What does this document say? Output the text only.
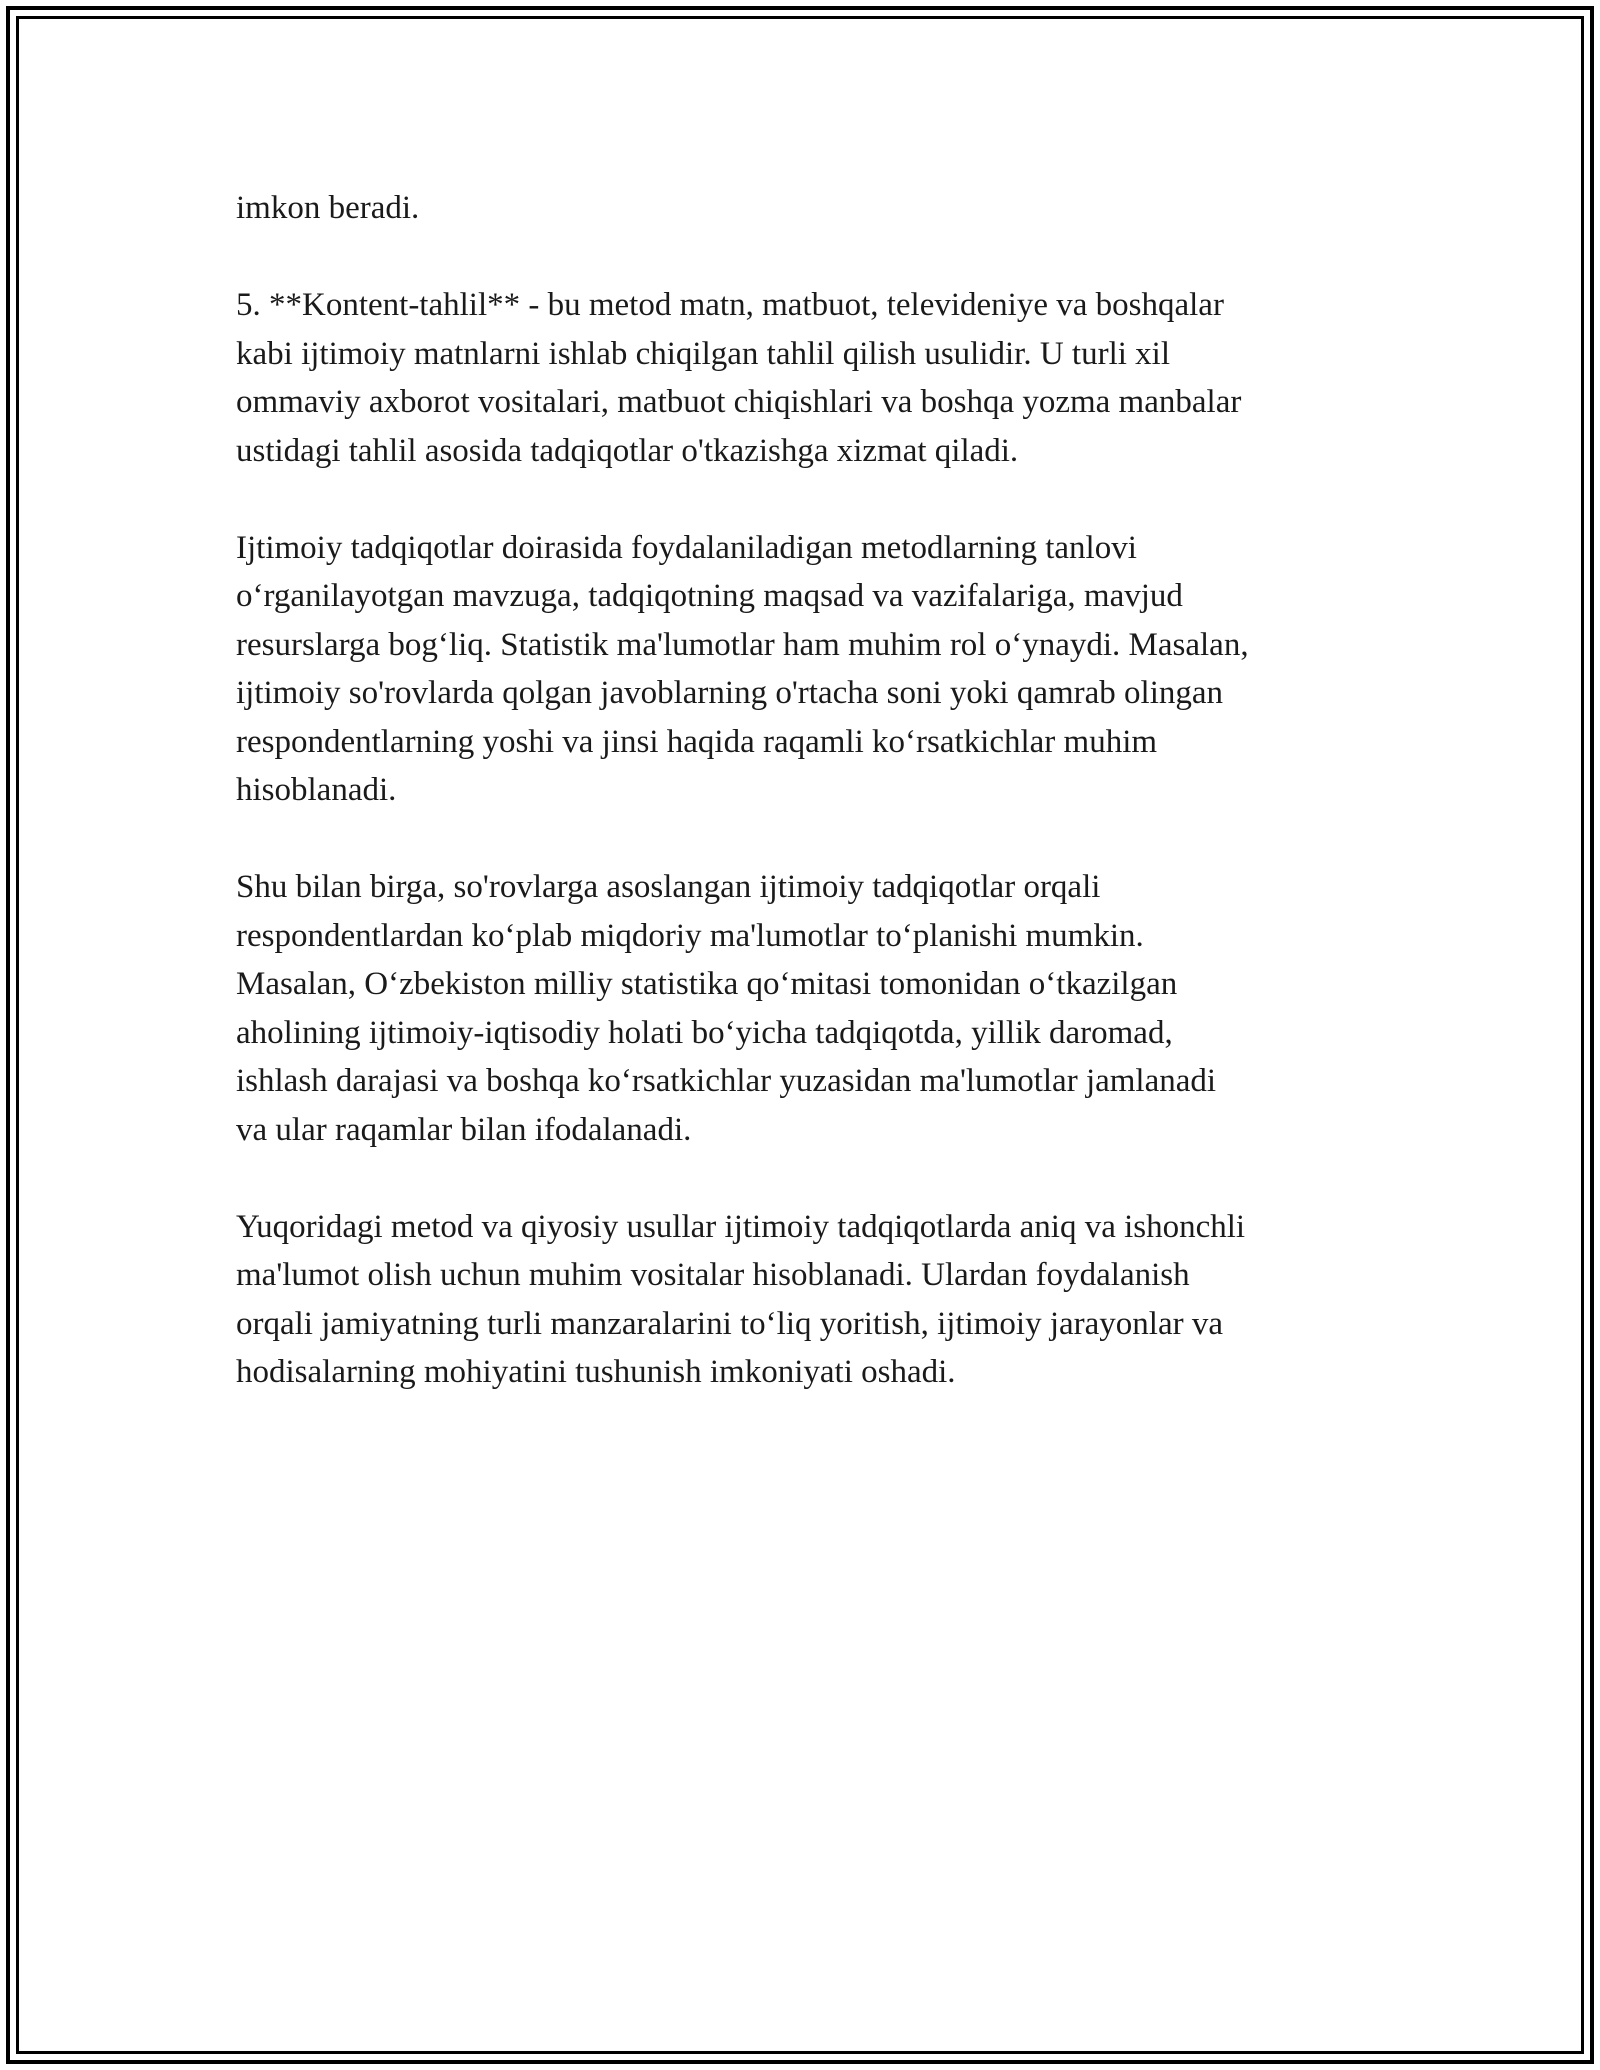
imkon beradi.

5. **Kontent-tahlil** - bu metod matn, matbuot, televideniye va boshqalar
kabi ijtimoiy matnlarni ishlab chiqilgan tahlil qilish usulidir. U turli xil
ommaviy axborot vositalari, matbuot chiqishlari va boshqa yozma manbalar
ustidagi tahlil asosida tadqiqotlar o'tkazishga xizmat qiladi.

Ijtimoiy tadqiqotlar doirasida foydalaniladigan metodlarning tanlovi
oʻrganilayotgan mavzuga, tadqiqotning maqsad va vazifalariga, mavjud
resurslarga bogʻliq. Statistik ma'lumotlar ham muhim rol oʻynaydi. Masalan,
ijtimoiy so'rovlarda qolgan javoblarning o'rtacha soni yoki qamrab olingan
respondentlarning yoshi va jinsi haqida raqamli koʻrsatkichlar muhim
hisoblanadi.

Shu bilan birga, so'rovlarga asoslangan ijtimoiy tadqiqotlar orqali
respondentlardan koʻplab miqdoriy ma'lumotlar toʻplanishi mumkin.
Masalan, Oʻzbekiston milliy statistika qoʻmitasi tomonidan oʻtkazilgan
aholining ijtimoiy-iqtisodiy holati boʻyicha tadqiqotda, yillik daromad,
ishlash darajasi va boshqa koʻrsatkichlar yuzasidan ma'lumotlar jamlanadi
va ular raqamlar bilan ifodalanadi.

Yuqoridagi metod va qiyosiy usullar ijtimoiy tadqiqotlarda aniq va ishonchli
ma'lumot olish uchun muhim vositalar hisoblanadi. Ulardan foydalanish
orqali jamiyatning turli manzaralarini toʻliq yoritish, ijtimoiy jarayonlar va
hodisalarning mohiyatini tushunish imkoniyati oshadi.
